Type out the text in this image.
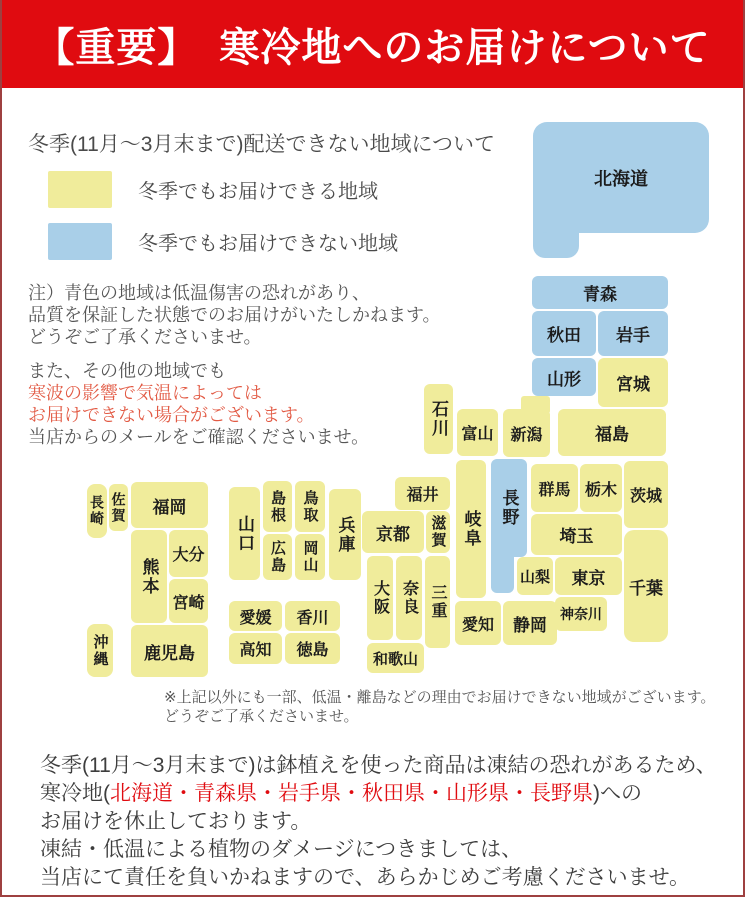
【重要】　寒冷地へのお届けについて
冬季(11月〜3月末まで)配送できない地域について
冬季でもお届けできる地域
冬季でもお届けできない地域
注）青色の地域は低温傷害の恐れがあり、
品質を保証した状態でのお届けがいたしかねます。
どうぞご了承くださいませ。
また、その他の地域でも
寒波の影響で気温によっては
お届けできない場合がございます。
当店からのメールをご確認くださいませ。
北海道
青森
秋田	岩手
山形	宮城
新潟	福島
石川 富山
岐阜
長野
福井
京都	滋賀
兵庫
群馬 栃木 茨城
埼玉
山梨	東京
神奈川
千葉
愛知	静岡
大阪 奈良 三重
和歌山
山口
島根	鳥取
広島	岡山
愛媛	香川
高知	徳島
福岡
佐賀
長崎
熊本
大分
宮崎
鹿児島
沖縄
※上記以外にも一部、低温・離島などの理由でお届けできない地域がございます。
どうぞご了承くださいませ。
冬季(11月〜3月末まで)は鉢植えを使った商品は凍結の恐れがあるため、
寒冷地(北海道・青森県・岩手県・秋田県・山形県・長野県)への
お届けを休止しております。
凍結・低温による植物のダメージにつきましては、
当店にて責任を負いかねますので、あらかじめご考慮くださいませ。
